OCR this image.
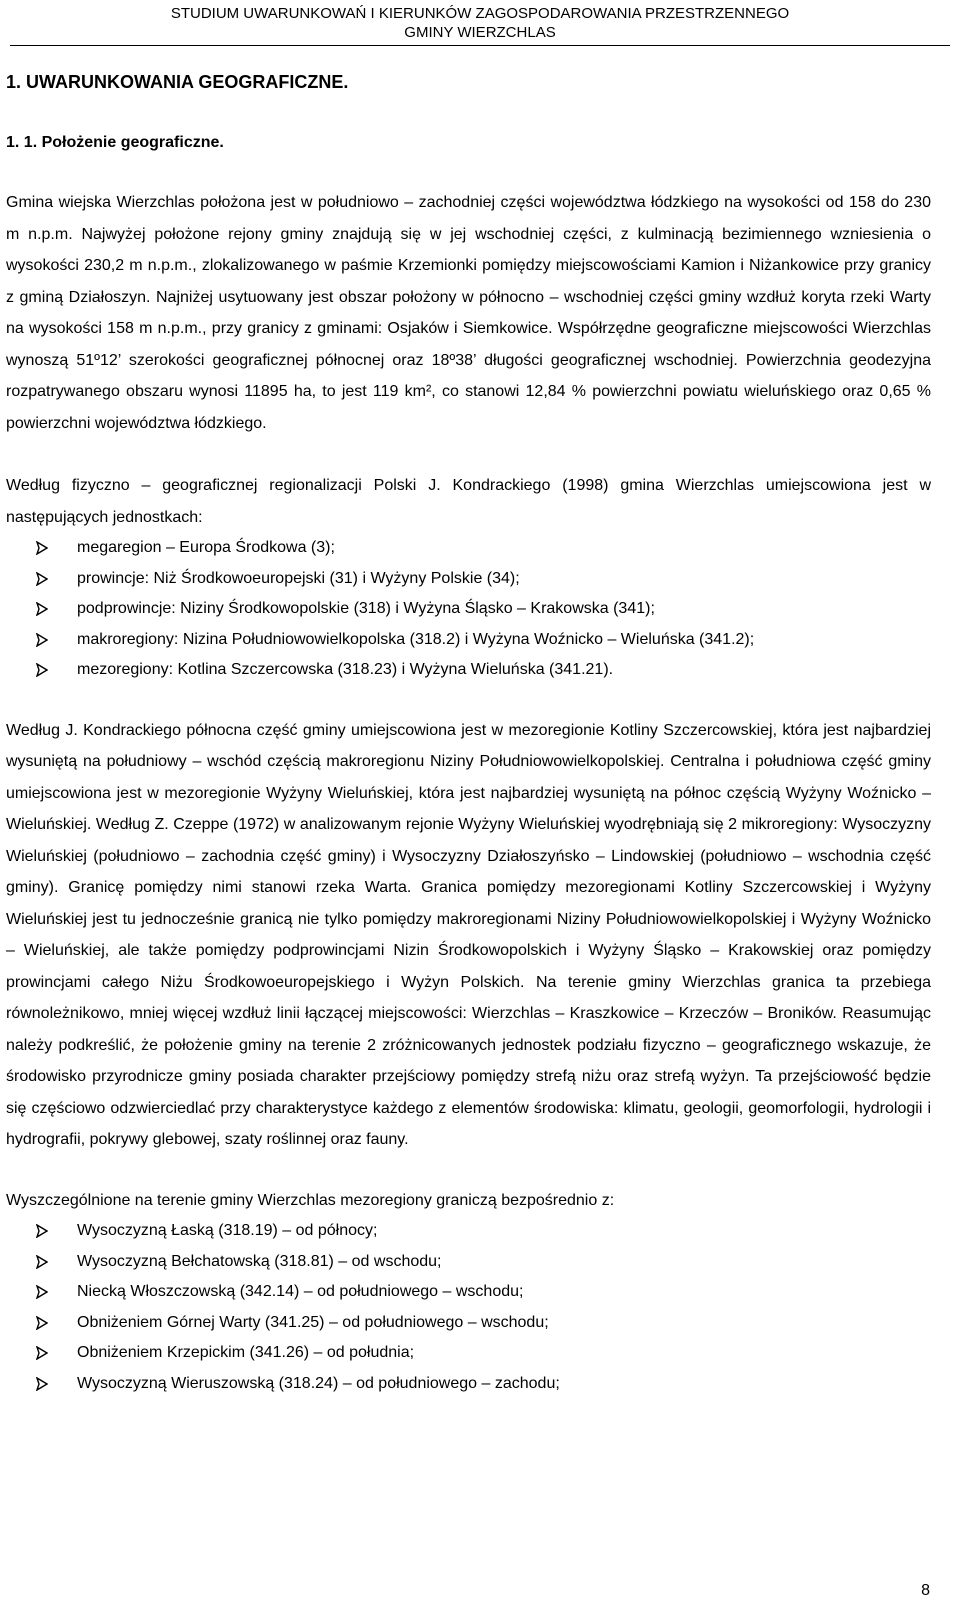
STUDIUM UWARUNKOWAŃ I KIERUNKÓW ZAGOSPODAROWANIA PRZESTRZENNEGO
GMINY WIERZCHLAS
1. UWARUNKOWANIA GEOGRAFICZNE.
1. 1. Położenie geograficzne.

Gmina wiejska Wierzchlas położona jest w południowo – zachodniej części województwa łódzkiego na wysokości od 158 do 230 m n.p.m. Najwyżej położone rejony gminy znajdują się w jej wschodniej części, z kulminacją bezimiennego wzniesienia o wysokości 230,2 m n.p.m., zlokalizowanego w paśmie Krzemionki pomiędzy miejscowościami Kamion i Niżankowice przy granicy z gminą Działoszyn. Najniżej usytuowany jest obszar położony w północno – wschodniej części gminy wzdłuż koryta rzeki Warty na wysokości 158 m n.p.m., przy granicy z gminami: Osjaków i Siemkowice. Współrzędne geograficzne miejscowości Wierzchlas wynoszą 51º12’ szerokości geograficznej północnej oraz 18º38’ długości geograficznej wschodniej. Powierzchnia geodezyjna rozpatrywanego obszaru wynosi 11895 ha, to jest 119 km², co stanowi 12,84 % powierzchni powiatu wieluńskiego oraz 0,65 % powierzchni województwa łódzkiego.

Według fizyczno – geograficznej regionalizacji Polski J. Kondrackiego (1998) gmina Wierzchlas umiejscowiona jest w następujących jednostkach:

megaregion – Europa Środkowa (3);
prowincje: Niż Środkowoeuropejski (31) i Wyżyny Polskie (34);
podprowincje: Niziny Środkowopolskie (318) i Wyżyna Śląsko – Krakowska (341);
makroregiony: Nizina Południowowielkopolska (318.2) i Wyżyna Woźnicko – Wieluńska (341.2);
mezoregiony: Kotlina Szczercowska (318.23) i Wyżyna Wieluńska (341.21).

Według J. Kondrackiego północna część gminy umiejscowiona jest w mezoregionie Kotliny Szczercowskiej, która jest najbardziej wysuniętą na południowy – wschód częścią makroregionu Niziny Południowowielkopolskiej. Centralna i południowa część gminy umiejscowiona jest w mezoregionie Wyżyny Wieluńskiej, która jest najbardziej wysuniętą na północ częścią Wyżyny Woźnicko – Wieluńskiej. Według Z. Czeppe (1972) w analizowanym rejonie Wyżyny Wieluńskiej wyodrębniają się 2 mikroregiony: Wysoczyzny Wieluńskiej (południowo – zachodnia część gminy) i Wysoczyzny Działoszyńsko – Lindowskiej (południowo – wschodnia część gminy). Granicę pomiędzy nimi stanowi rzeka Warta. Granica pomiędzy mezoregionami Kotliny Szczercowskiej i Wyżyny Wieluńskiej jest tu jednocześnie granicą nie tylko pomiędzy makroregionami Niziny Południowowielkopolskiej i Wyżyny Woźnicko – Wieluńskiej, ale także pomiędzy podprowincjami Nizin Środkowopolskich i Wyżyny Śląsko – Krakowskiej oraz pomiędzy prowincjami całego Niżu Środkowoeuropejskiego i Wyżyn Polskich. Na terenie gminy Wierzchlas granica ta przebiega równoleżnikowo, mniej więcej wzdłuż linii łączącej miejscowości: Wierzchlas – Kraszkowice – Krzeczów – Broników. Reasumując należy podkreślić, że położenie gminy na terenie 2 zróżnicowanych jednostek podziału fizyczno – geograficznego wskazuje, że środowisko przyrodnicze gminy posiada charakter przejściowy pomiędzy strefą niżu oraz strefą wyżyn. Ta przejściowość będzie się częściowo odzwierciedlać przy charakterystyce każdego z elementów środowiska: klimatu, geologii, geomorfologii, hydrologii i hydrografii, pokrywy glebowej, szaty roślinnej oraz fauny.

Wyszczególnione na terenie gminy Wierzchlas mezoregiony graniczą bezpośrednio z:

Wysoczyzną Łaską (318.19) – od północy;
Wysoczyzną Bełchatowską (318.81) – od wschodu;
Niecką Włoszczowską (342.14) – od południowego – wschodu;
Obniżeniem Górnej Warty (341.25) – od południowego – wschodu;
Obniżeniem Krzepickim (341.26) – od południa;
Wysoczyzną Wieruszowską (318.24) – od południowego – zachodu;
8
